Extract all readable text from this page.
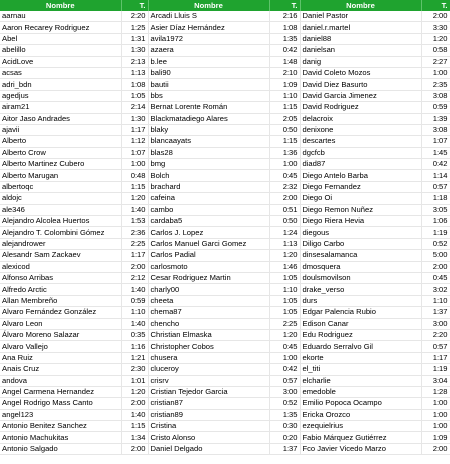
Nombre	T.	Nombre	T.	Nombre	T.
aarnau	2:20	Arcadi Lluis S	2:16	Daniel Pastor	2:00
Aaron Recarey Rodriguez	1:25	Asier Díaz Hernández	1:08	daniel.r.martel	3:30
Abel	1:31	avila1972	1:35	daniel88	1:20
abelillo	1:30	azaera	0:42	danielsan	0:58
AcidLove	2:13	b.lee	1:48	danig	2:27
acsas	1:13	bali90	2:10	David Coleto Mozos	1:00
adri_bdn	1:08	bautii	1:09	David Diez Basurto	2:35
agedjus	1:05	bbs	1:10	David Garcia Jimenez	3:08
airam21	2:14	Bernat Lorente Román	1:15	David Rodriguez	0:59
Aitor Jaso Andrades	1:30	Blackmatadiego Alares	2:05	delacroix	1:39
ajavii	1:17	blaky	0:50	denixone	3:08
Alberto	1:12	blancaayats	1:15	descartes	1:07
Alberto Crow	1:07	blas28	1:36	dgcfcb	1:45
Alberto Martinez Cubero	1:00	bmg	1:00	diad87	0:42
Alberto Marugan	0:48	Bolch	0:45	Diego Antelo Barba	1:14
albertoqc	1:15	brachard	2:32	Diego Fernandez	0:57
aldojc	1:20	cafeina	2:00	Diego Oi	1:18
ale346	1:40	cambo	0:51	Diego Remon Nuñez	3:05
Alejandro Alcolea Huertos	1:53	cardaba5	0:50	Diego Riera Hevia	1:06
Alejandro T. Colombini Gómez	2:36	Carlos J. Lopez	1:24	diegous	1:19
alejandrower	2:25	Carlos Manuel Garci Gomez	1:13	Diligo Carbo	0:52
Alesandr Sam Zackaev	1:17	Carlos Padial	1:20	dinsesalamanca	5:00
alexicod	2:00	carlosmoto	1:46	dmosquera	2:00
Alfonso Arribas	2:12	Cesar Rodriguez Martin	1:05	doulsmovilson	0:45
Alfredo Arctic	1:40	charly00	1:10	drake_verso	3:02
Allan Membreño	0:59	cheeta	1:05	durs	1:10
Alvaro Fernández González	1:10	chema87	1:05	Edgar Palencia Rubio	1:37
Alvaro Leon	1:40	chencho	2:25	Edison Canar	3:00
Álvaro Moreno Salazar	0:35	Christian Elmaska	1:20	Edu Rodriguez	2:20
Alvaro Vallejo	1:16	Christopher Cobos	0:45	Eduardo Serralvo Gil	0:57
Ana Ruiz	1:21	chusera	1:00	ekorte	1:17
Anais Cruz	2:30	cluceroy	0:42	el_titi	1:19
andova	1:01	crisrv	0:57	elcharlie	3:04
Angel Carmena Hernandez	1:20	Cristian Tejedor Garcia	3:00	emedoble	1:28
Angel Rodrigo Mass Canto	2:00	cristian87	0:52	Emilio Popoca Ocampo	1:00
angel123	1:40	cristian89	1:35	Ericka Orozco	1:00
Antonio Benitez Sanchez	1:15	Cristina	0:30	ezequielrius	1:00
Antonio Machukitas	1:34	Cristo Alonso	0:20	Fabio Márquez Gutiérrez	1:09
Antonio Salgado	2:00	Daniel Delgado	1:37	Fco Javier Vicedo Marzo	2:00
